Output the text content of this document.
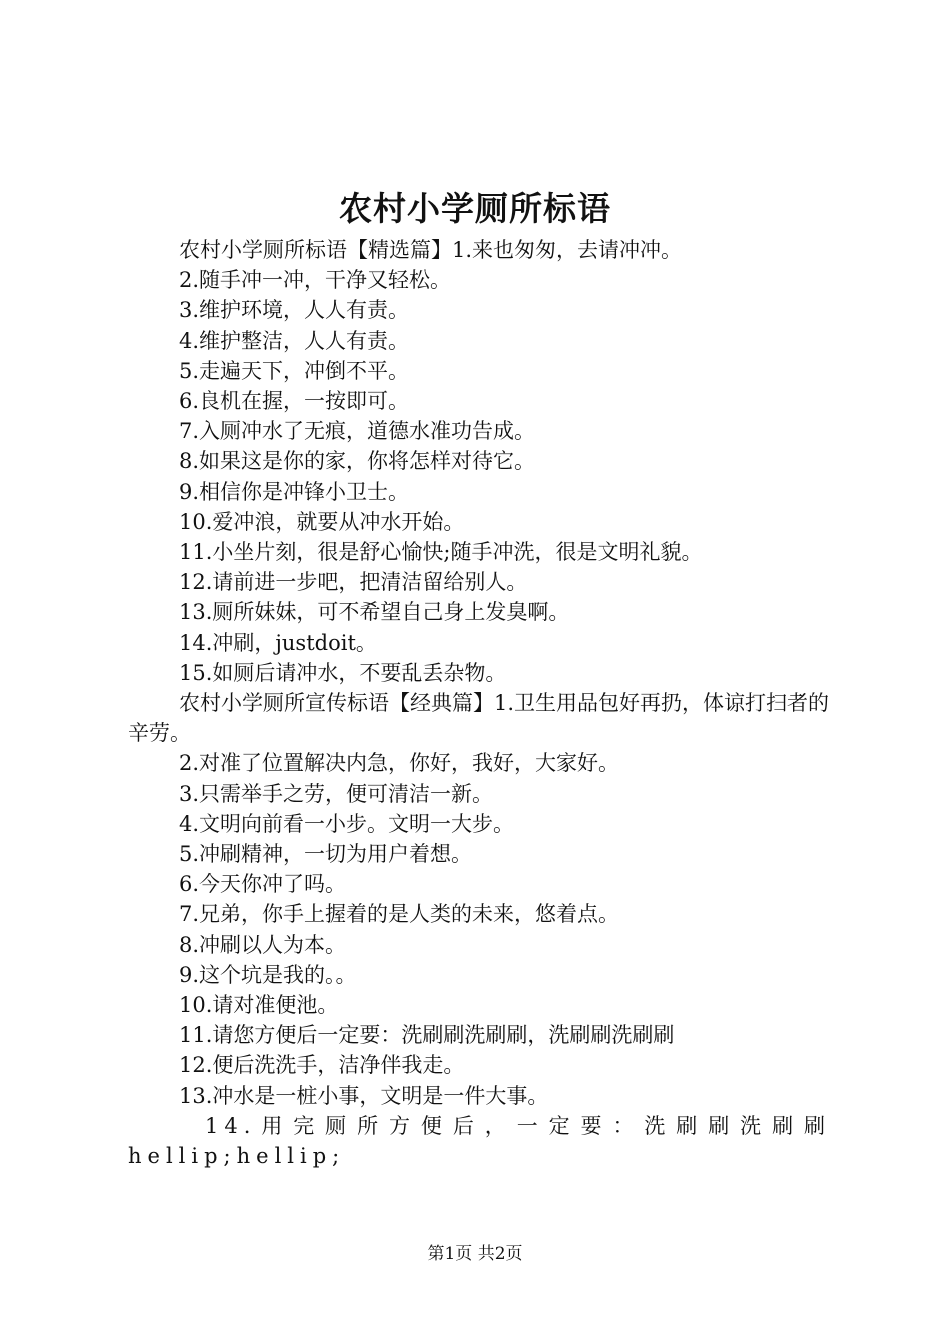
农村小学厕所标语

农村小学厕所标语【精选篇】1.来也匆匆，去请冲冲。

2.随手冲一冲，干净又轻松。

3.维护环境，人人有责。

4.维护整洁，人人有责。

5.走遍天下，冲倒不平。

6.良机在握，一按即可。

7.入厕冲水了无痕，道德水准功告成。

8.如果这是你的家，你将怎样对待它。

9.相信你是冲锋小卫士。

10.爱冲浪，就要从冲水开始。

11.小坐片刻，很是舒心愉快;随手冲洗，很是文明礼貌。

12.请前进一步吧，把清洁留给别人。

13.厕所妹妹，可不希望自己身上发臭啊。

14.冲刷，justdoit。

15.如厕后请冲水，不要乱丢杂物。

农村小学厕所宣传标语【经典篇】1.卫生用品包好再扔，体谅打扫者的辛劳。

2.对准了位置解决内急，你好，我好，大家好。

3.只需举手之劳，便可清洁一新。

4.文明向前看一小步。文明一大步。

5.冲刷精神，一切为用户着想。

6.今天你冲了吗。

7.兄弟，你手上握着的是人类的未来，悠着点。

8.冲刷以人为本。

9.这个坑是我的。。

10.请对准便池。

11.请您方便后一定要：洗刷刷洗刷刷，洗刷刷洗刷刷

12.便后洗洗手，洁净伴我走。

13.冲水是一桩小事，文明是一件大事。

14.用完厕所方便后，一定要：洗刷刷洗刷刷hellip;hellip;

第1页 共2页
